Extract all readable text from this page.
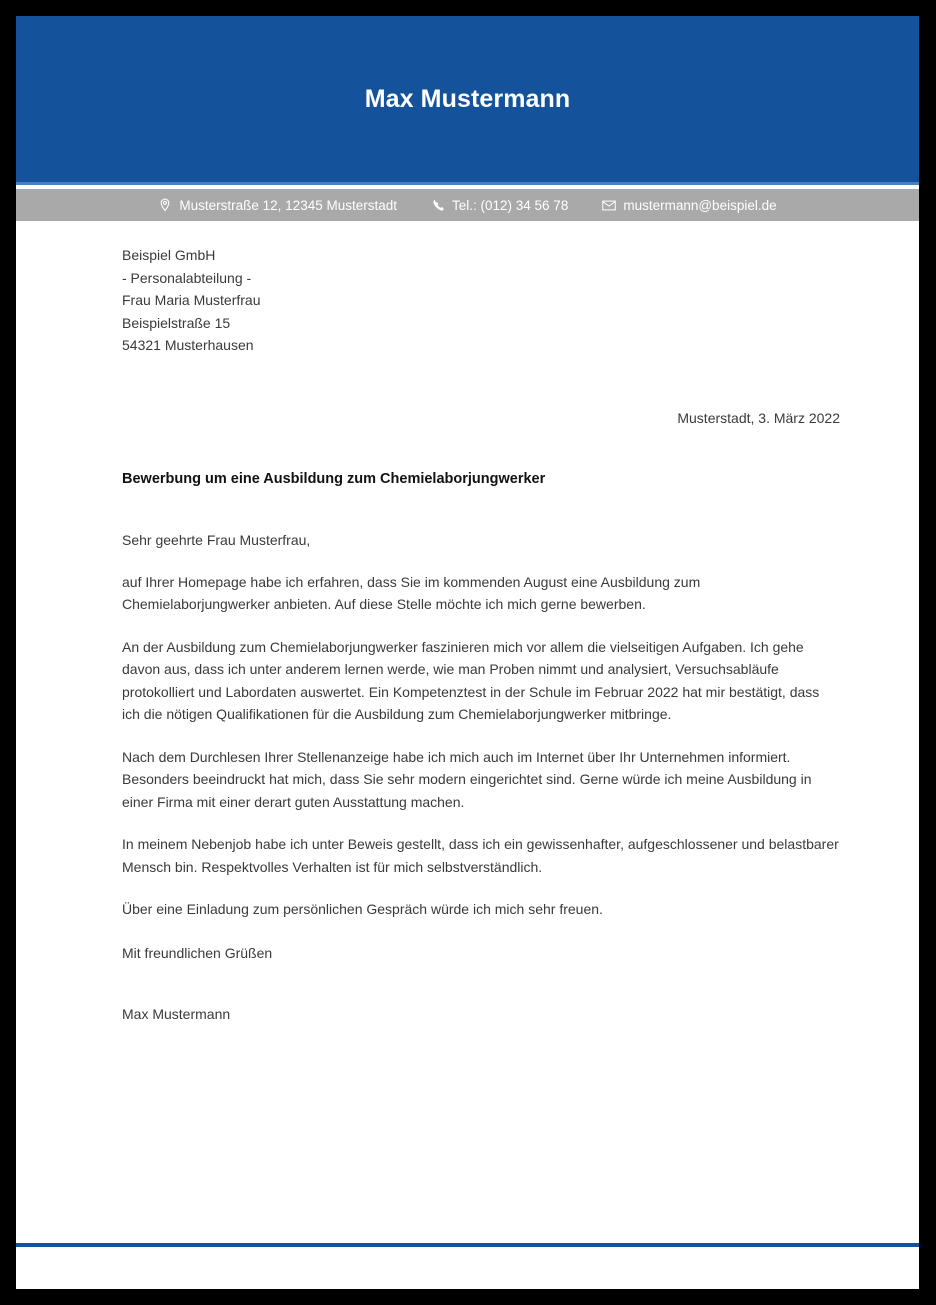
Max Mustermann
Musterstraße 12, 12345 Musterstadt	Tel.: (012) 34 56 78	mustermann@beispiel.de
Beispiel GmbH
- Personalabteilung -
Frau Maria Musterfrau
Beispielstraße 15
54321 Musterhausen
Musterstadt, 3. März 2022
Bewerbung um eine Ausbildung zum Chemielaborjungwerker
Sehr geehrte Frau Musterfrau,
auf Ihrer Homepage habe ich erfahren, dass Sie im kommenden August eine Ausbildung zum Chemielaborjungwerker anbieten. Auf diese Stelle möchte ich mich gerne bewerben.
An der Ausbildung zum Chemielaborjungwerker faszinieren mich vor allem die vielseitigen Aufgaben. Ich gehe davon aus, dass ich unter anderem lernen werde, wie man Proben nimmt und analysiert, Versuchsabläufe protokolliert und Labordaten auswertet. Ein Kompetenztest in der Schule im Februar 2022 hat mir bestätigt, dass ich die nötigen Qualifikationen für die Ausbildung zum Chemielaborjungwerker mitbringe.
Nach dem Durchlesen Ihrer Stellenanzeige habe ich mich auch im Internet über Ihr Unternehmen informiert. Besonders beeindruckt hat mich, dass Sie sehr modern eingerichtet sind. Gerne würde ich meine Ausbildung in einer Firma mit einer derart guten Ausstattung machen.
In meinem Nebenjob habe ich unter Beweis gestellt, dass ich ein gewissenhafter, aufgeschlossener und belastbarer Mensch bin. Respektvolles Verhalten ist für mich selbstverständlich.
Über eine Einladung zum persönlichen Gespräch würde ich mich sehr freuen.
Mit freundlichen Grüßen
Max Mustermann
